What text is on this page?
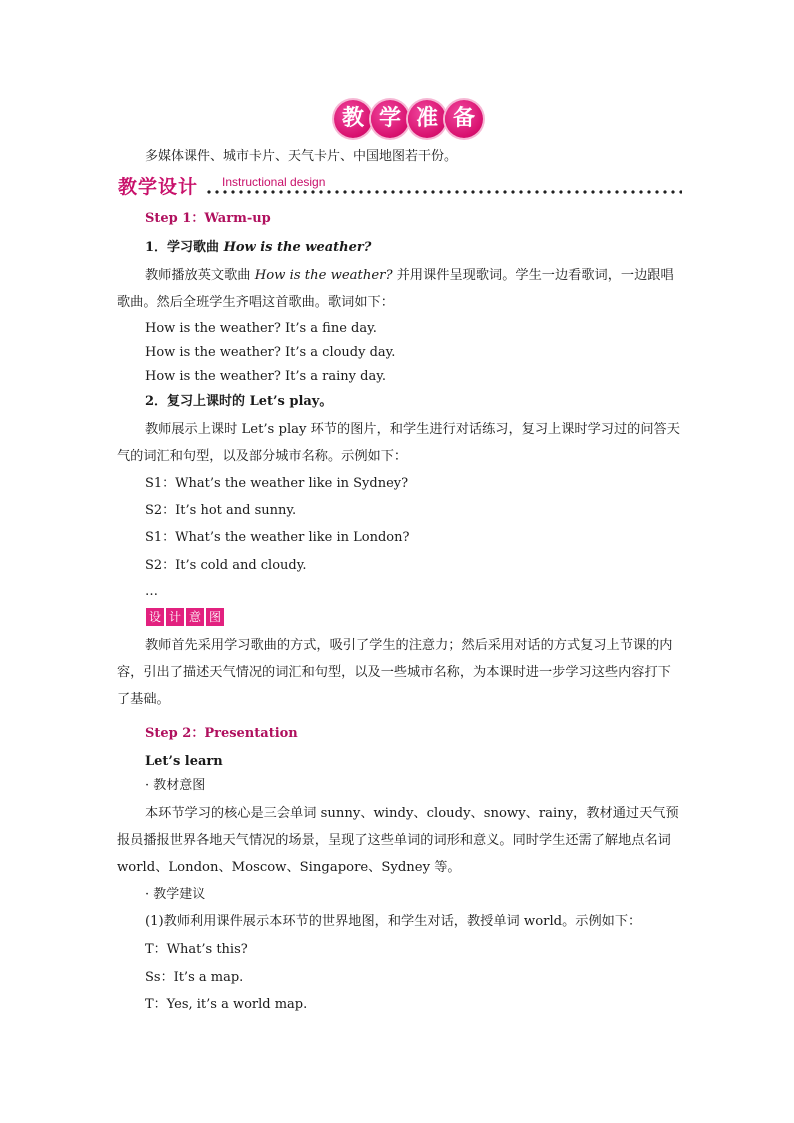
教 学 准 备
多媒体课件、城市卡片、天气卡片、中国地图若干份。
教学设计 Instructional design
Step 1：Warm-up
1．学习歌曲 How is the weather?
教师播放英文歌曲 How is the weather? 并用课件呈现歌词。学生一边看歌词，一边跟唱歌曲。然后全班学生齐唱这首歌曲。歌词如下：
How is the weather? It’s a fine day.
How is the weather? It’s a cloudy day.
How is the weather? It’s a rainy day.
2．复习上课时的 Let’s play。
教师展示上课时 Let’s play 环节的图片，和学生进行对话练习，复习上课时学习过的问答天气的词汇和句型，以及部分城市名称。示例如下：
S1：What’s the weather like in Sydney?
S2：It’s hot and sunny.
S1：What’s the weather like in London?
S2：It’s cold and cloudy.
…
设 计 意 图
教师首先采用学习歌曲的方式，吸引了学生的注意力；然后采用对话的方式复习上节课的内容，引出了描述天气情况的词汇和句型，以及一些城市名称，为本课时进一步学习这些内容打下了基础。
Step 2：Presentation
Let’s learn
· 教材意图
本环节学习的核心是三会单词 sunny、windy、cloudy、snowy、rainy，教材通过天气预报员播报世界各地天气情况的场景，呈现了这些单词的词形和意义。同时学生还需了解地点名词 world、London、Moscow、Singapore、Sydney 等。
· 教学建议
(1)教师利用课件展示本环节的世界地图，和学生对话，教授单词 world。示例如下：
T：What’s this?
Ss：It’s a map.
T：Yes, it’s a world map.
